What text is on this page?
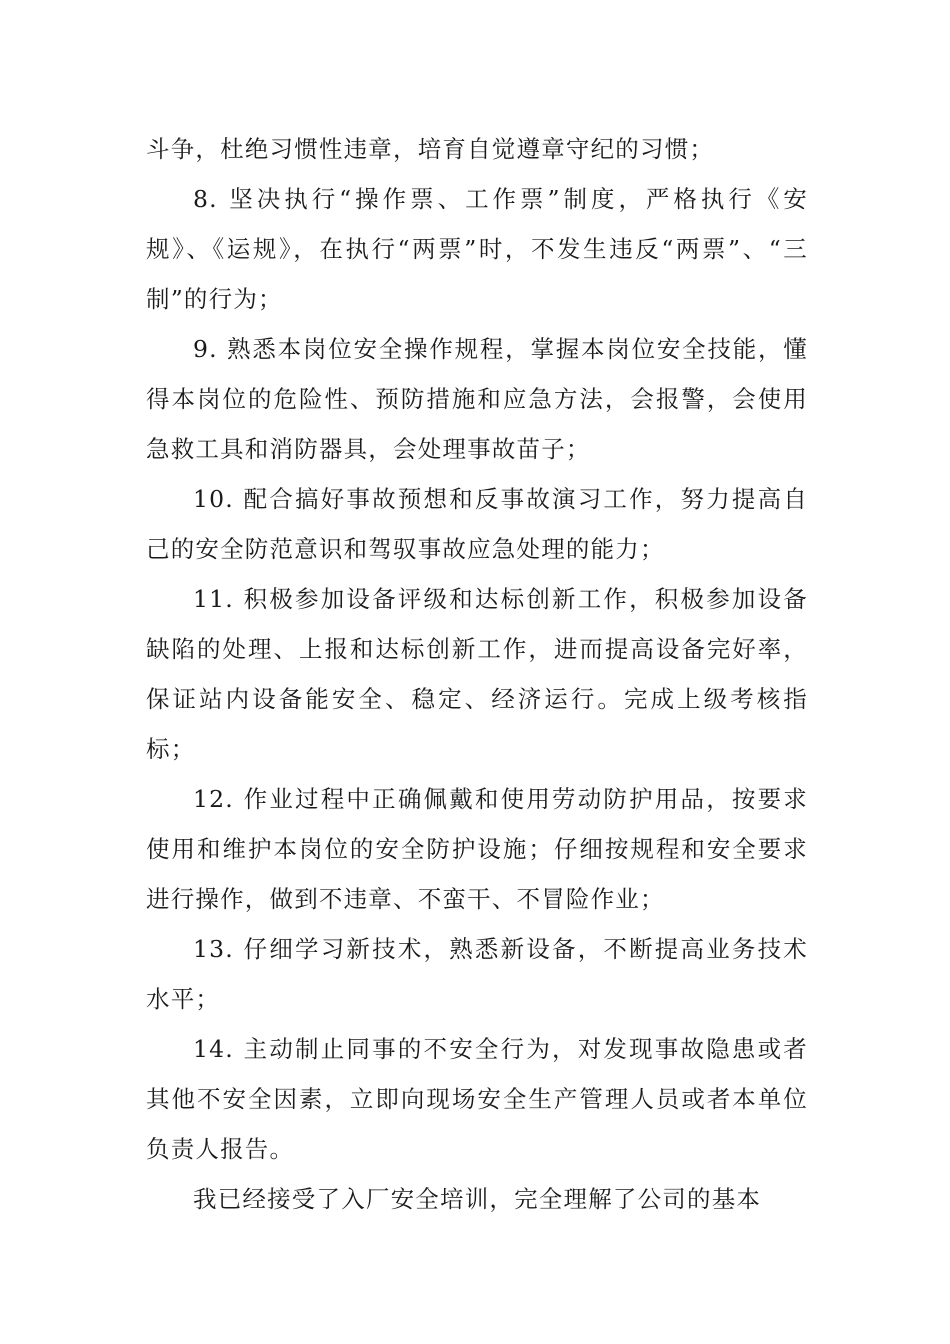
斗争，杜绝习惯性违章，培育自觉遵章守纪的习惯；

8. 坚决执行“操作票、工作票”制度，严格执行《安规》、《运规》，在执行“两票”时，不发生违反“两票”、“三制”的行为；

9. 熟悉本岗位安全操作规程，掌握本岗位安全技能，懂得本岗位的危险性、预防措施和应急方法，会报警，会使用急救工具和消防器具，会处理事故苗子；

10. 配合搞好事故预想和反事故演习工作，努力提高自己的安全防范意识和驾驭事故应急处理的能力；

11. 积极参加设备评级和达标创新工作，积极参加设备缺陷的处理、上报和达标创新工作，进而提高设备完好率，保证站内设备能安全、稳定、经济运行。完成上级考核指标；

12. 作业过程中正确佩戴和使用劳动防护用品，按要求使用和维护本岗位的安全防护设施；仔细按规程和安全要求进行操作，做到不违章、不蛮干、不冒险作业；

13. 仔细学习新技术，熟悉新设备，不断提高业务技术水平；

14. 主动制止同事的不安全行为，对发现事故隐患或者其他不安全因素，立即向现场安全生产管理人员或者本单位负责人报告。

我已经接受了入厂安全培训，完全理解了公司的基本
